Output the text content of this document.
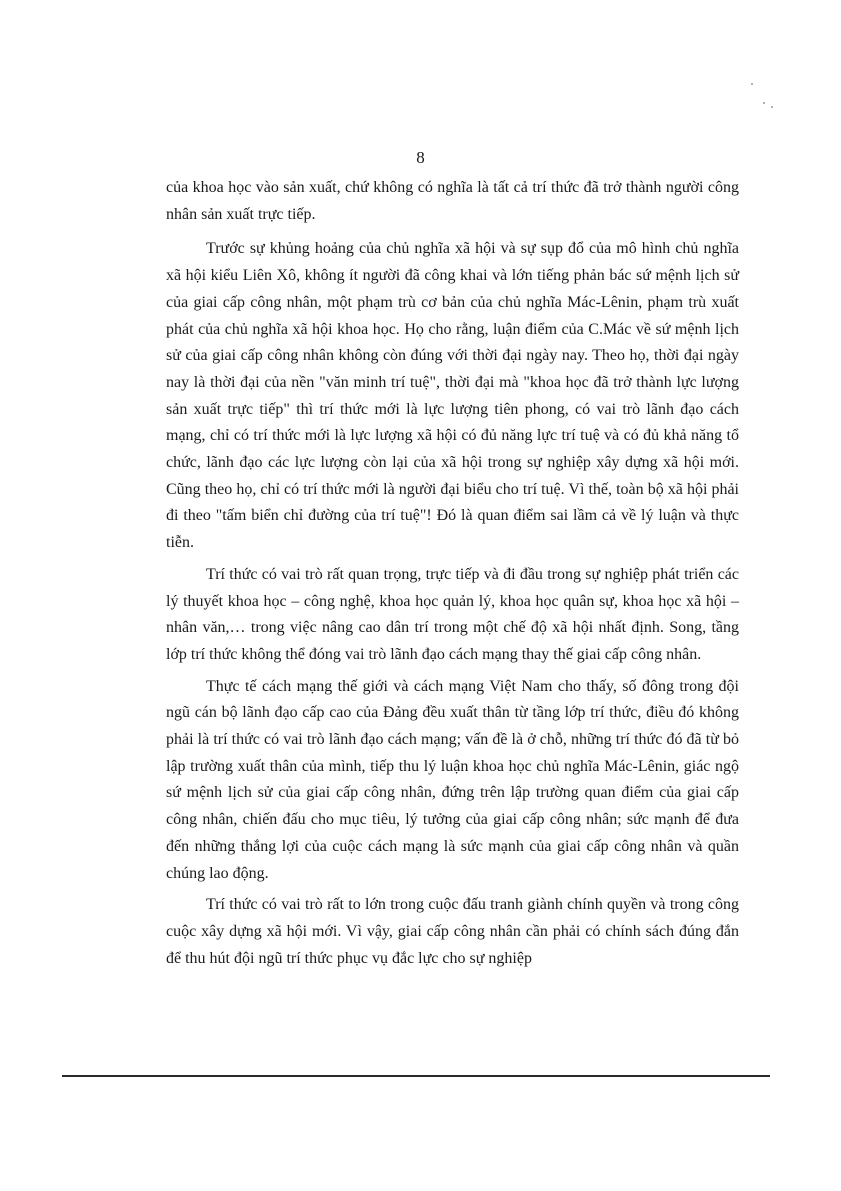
8

của khoa học vào sản xuất, chứ không có nghĩa là tất cả trí thức đã trở thành người công nhân sản xuất trực tiếp.

Trước sự khủng hoảng của chủ nghĩa xã hội và sự sụp đổ của mô hình chủ nghĩa xã hội kiểu Liên Xô, không ít người đã công khai và lớn tiếng phản bác sứ mệnh lịch sử của giai cấp công nhân, một phạm trù cơ bản của chủ nghĩa Mác-Lênin, phạm trù xuất phát của chủ nghĩa xã hội khoa học. Họ cho rằng, luận điểm của C.Mác về sứ mệnh lịch sử của giai cấp công nhân không còn đúng với thời đại ngày nay. Theo họ, thời đại ngày nay là thời đại của nền "văn minh trí tuệ", thời đại mà "khoa học đã trở thành lực lượng sản xuất trực tiếp" thì trí thức mới là lực lượng tiên phong, có vai trò lãnh đạo cách mạng, chỉ có trí thức mới là lực lượng xã hội có đủ năng lực trí tuệ và có đủ khả năng tổ chức, lãnh đạo các lực lượng còn lại của xã hội trong sự nghiệp xây dựng xã hội mới. Cũng theo họ, chỉ có trí thức mới là người đại biểu cho trí tuệ. Vì thế, toàn bộ xã hội phải đi theo "tấm biển chỉ đường của trí tuệ"! Đó là quan điểm sai lầm cả về lý luận và thực tiễn.

Trí thức có vai trò rất quan trọng, trực tiếp và đi đầu trong sự nghiệp phát triển các lý thuyết khoa học – công nghệ, khoa học quản lý, khoa học quân sự, khoa học xã hội – nhân văn,… trong việc nâng cao dân trí trong một chế độ xã hội nhất định. Song, tầng lớp trí thức không thể đóng vai trò lãnh đạo cách mạng thay thế giai cấp công nhân.

Thực tế cách mạng thế giới và cách mạng Việt Nam cho thấy, số đông trong đội ngũ cán bộ lãnh đạo cấp cao của Đảng đều xuất thân từ tầng lớp trí thức, điều đó không phải là trí thức có vai trò lãnh đạo cách mạng; vấn đề là ở chỗ, những trí thức đó đã từ bỏ lập trường xuất thân của mình, tiếp thu lý luận khoa học chủ nghĩa Mác-Lênin, giác ngộ sứ mệnh lịch sử của giai cấp công nhân, đứng trên lập trường quan điểm của giai cấp công nhân, chiến đấu cho mục tiêu, lý tưởng của giai cấp công nhân; sức mạnh để đưa đến những thắng lợi của cuộc cách mạng là sức mạnh của giai cấp công nhân và quần chúng lao động.

Trí thức có vai trò rất to lớn trong cuộc đấu tranh giành chính quyền và trong công cuộc xây dựng xã hội mới. Vì vậy, giai cấp công nhân cần phải có chính sách đúng đắn để thu hút đội ngũ trí thức phục vụ đắc lực cho sự nghiệp
